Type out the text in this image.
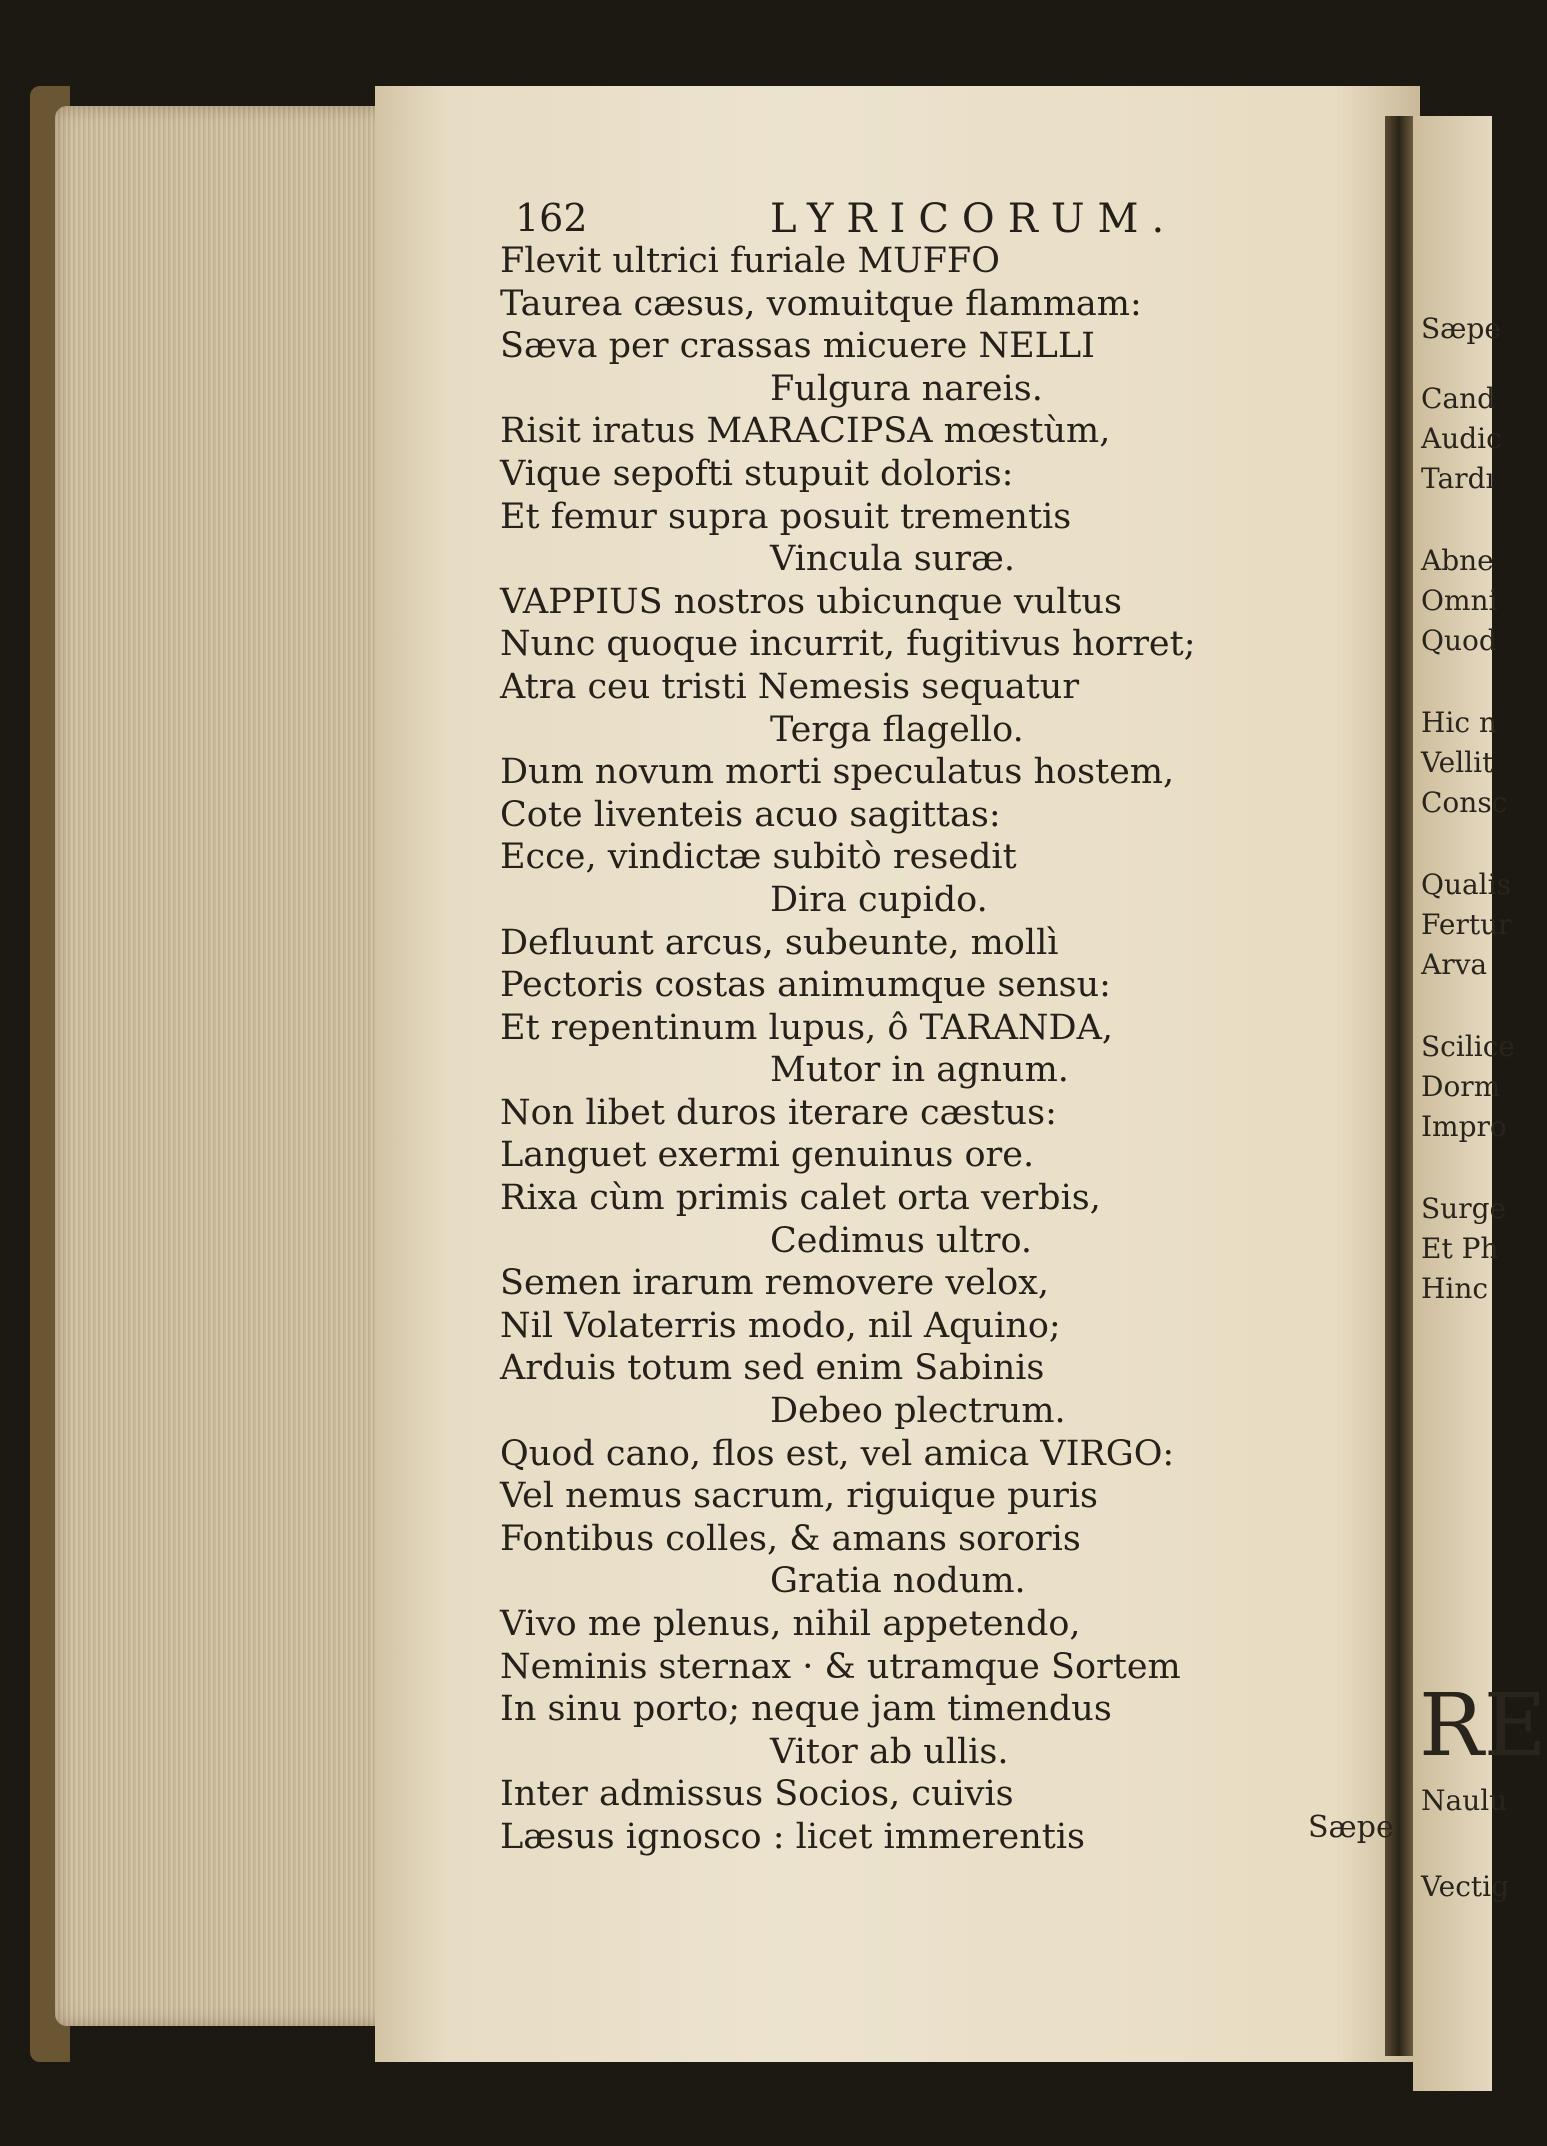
Sæpe
Cand
Audic
Tardı
Abne
Omni
Quod
Hic n
Vellit
Consc
Qualis
Fertur
Arva
Scilice
Dorm
Impro
Surge
Et Ph
Hinc
RE
Naulu
Vectig
162	LYRICORUM.
Flevit ultrici furiale MUFFO
Taurea cæsus, vomuitque flammam:
Sæva per crassas micuere NELLI
Fulgura nareis.
Risit iratus MARACIPSA mœstùm,
Vique sepofti stupuit doloris:
Et femur supra posuit trementis
Vincula suræ.
VAPPIUS nostros ubicunque vultus
Nunc quoque incurrit, fugitivus horret;
Atra ceu tristi Nemesis sequatur
Terga flagello.
Dum novum morti speculatus hostem,
Cote liventeis acuo sagittas:
Ecce, vindictæ subitò resedit
Dira cupido.
Defluunt arcus, subeunte, mollì
Pectoris costas animumque sensu:
Et repentinum lupus, ô TARANDA,
Mutor in agnum.
Non libet duros iterare cæstus:
Languet exermi genuinus ore.
Rixa cùm primis calet orta verbis,
Cedimus ultro.
Semen irarum removere velox,
Nil Volaterris modo, nil Aquino;
Arduis totum sed enim Sabinis
Debeo plectrum.
Quod cano, flos est, vel amica VIRGO:
Vel nemus sacrum, riguique puris
Fontibus colles, & amans sororis
Gratia nodum.
Vivo me plenus, nihil appetendo,
Neminis sternax · & utramque Sortem
In sinu porto; neque jam timendus
Vitor ab ullis.
Inter admissus Socios, cuivis
Læsus ignosco : licet immerentis	Sæpe
